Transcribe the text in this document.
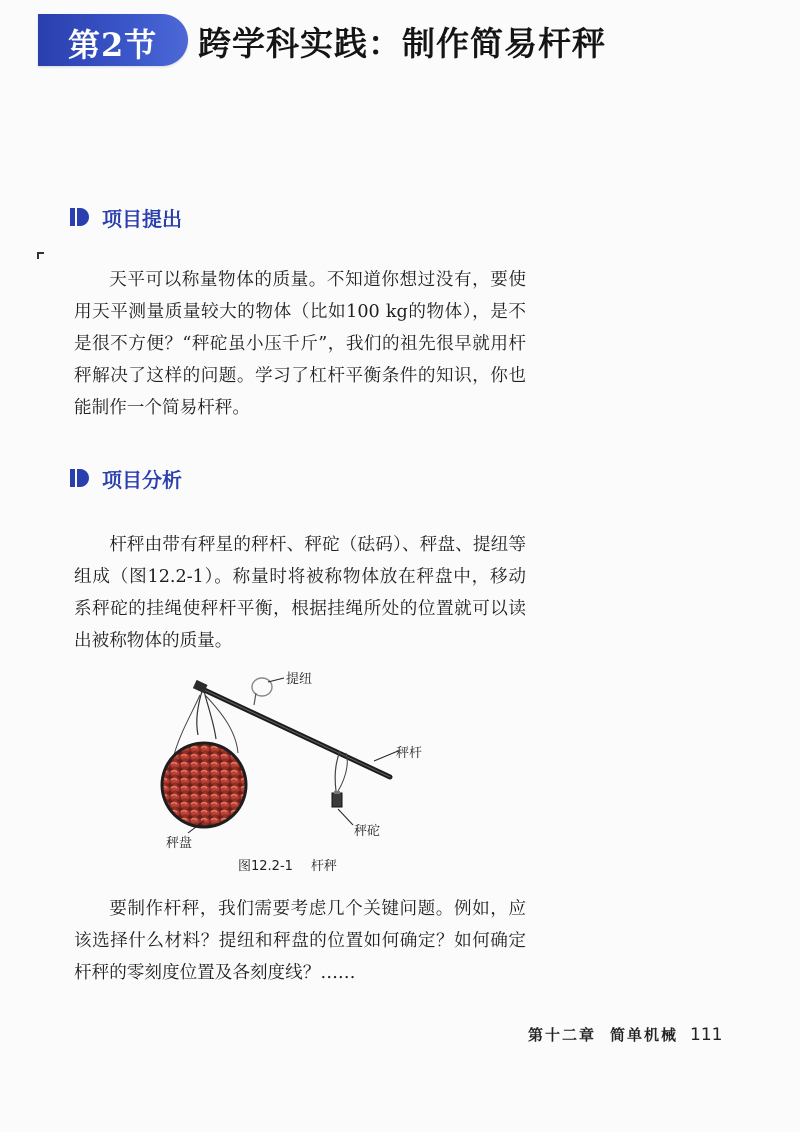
第2节 跨学科实践：制作简易杆秤
项目提出

天平可以称量物体的质量。不知道你想过没有，要使用天平测量质量较大的物体（比如100 kg的物体），是不是很不方便？“秤砣虽小压千斤”，我们的祖先很早就用杆秤解决了这样的问题。学习了杠杆平衡条件的知识，你也能制作一个简易杆秤。

项目分析

杆秤由带有秤星的秤杆、秤砣（砝码）、秤盘、提纽等组成（图12.2-1）。称量时将被称物体放在秤盘中，移动系秤砣的挂绳使秤杆平衡，根据挂绳所处的位置就可以读出被称物体的质量。

提纽
秤杆
秤砣
秤盘
图12.2-1 杆秤

要制作杆秤，我们需要考虑几个关键问题。例如，应该选择什么材料？提纽和秤盘的位置如何确定？如何确定杆秤的零刻度位置及各刻度线？……

第十二章 简单机械 111
